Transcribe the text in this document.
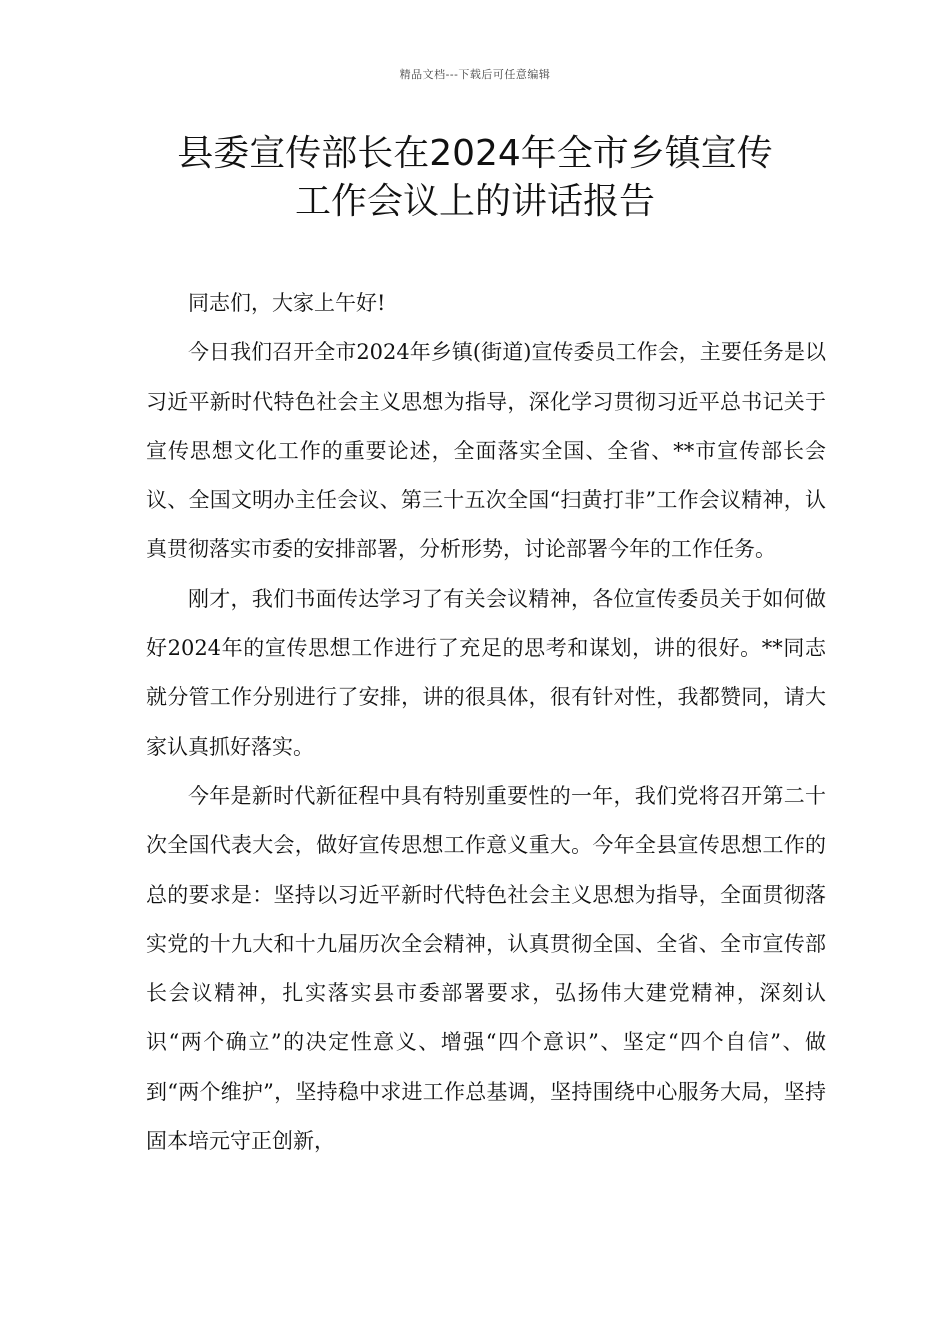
精品文档---下载后可任意编辑
县委宣传部长在2024年全市乡镇宣传
工作会议上的讲话报告

同志们，大家上午好!

今日我们召开全市2024年乡镇(街道)宣传委员工作会，主要任务是以习近平新时代特色社会主义思想为指导，深化学习贯彻习近平总书记关于宣传思想文化工作的重要论述，全面落实全国、全省、**市宣传部长会议、全国文明办主任会议、第三十五次全国“扫黄打非”工作会议精神，认真贯彻落实市委的安排部署，分析形势，讨论部署今年的工作任务。

刚才，我们书面传达学习了有关会议精神，各位宣传委员关于如何做好2024年的宣传思想工作进行了充足的思考和谋划，讲的很好。**同志就分管工作分别进行了安排，讲的很具体，很有针对性，我都赞同，请大家认真抓好落实。

今年是新时代新征程中具有特别重要性的一年，我们党将召开第二十次全国代表大会，做好宣传思想工作意义重大。今年全县宣传思想工作的总的要求是：坚持以习近平新时代特色社会主义思想为指导，全面贯彻落实党的十九大和十九届历次全会精神，认真贯彻全国、全省、全市宣传部长会议精神，扎实落实县市委部署要求，弘扬伟大建党精神，深刻认识“两个确立”的决定性意义、增强“四个意识”、坚定“四个自信”、做到“两个维护”，坚持稳中求进工作总基调，坚持围绕中心服务大局，坚持固本培元守正创新，
